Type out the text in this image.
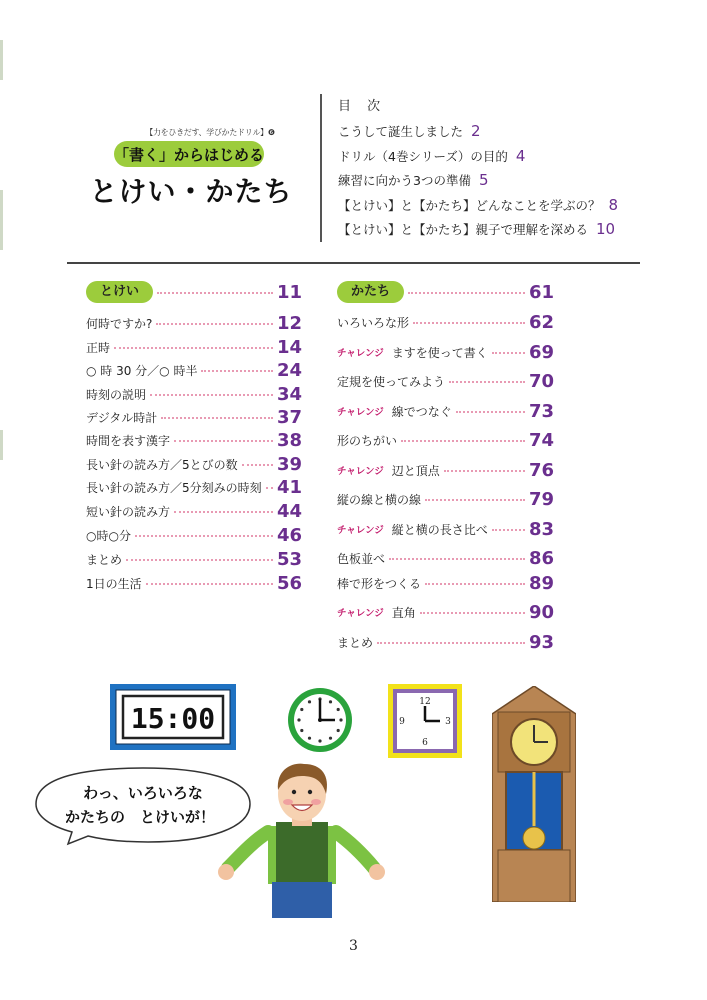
【力をひきだす、学びかたドリル】❻
「書く」からはじめる
とけい・かたち
目 次
こうして誕生しました 2
ドリル（4巻シリーズ）の目的 4
練習に向かう3つの準備 5
【とけい】と【かたち】どんなことを学ぶの？ 8
【とけい】と【かたち】親子で理解を深める 10
とけい	11
何時ですか?	12
正時	14
○ 時 30 分／○ 時半	24
時刻の説明	34
デジタル時計	37
時間を表す漢字	38
長い針の読み方／5とびの数 39
長い針の読み方／5分刻みの時刻 41
短い針の読み方	44
○時○分	46
まとめ	53
1日の生活	56
かたち	61
いろいろな形	62
チャレンジ ますを使って書く 69
定規を使ってみよう	70
チャレンジ 線でつなぐ	73
形のちがい	74
チャレンジ 辺と頂点	76
縦の線と横の線	79
チャレンジ 縦と横の長さ比べ 83
色板並べ	86
棒で形をつくる	89
チャレンジ 直角	90
まとめ	93
15:00	12
9	3
6
わっ、いろいろな
かたちの　とけいが！
3
